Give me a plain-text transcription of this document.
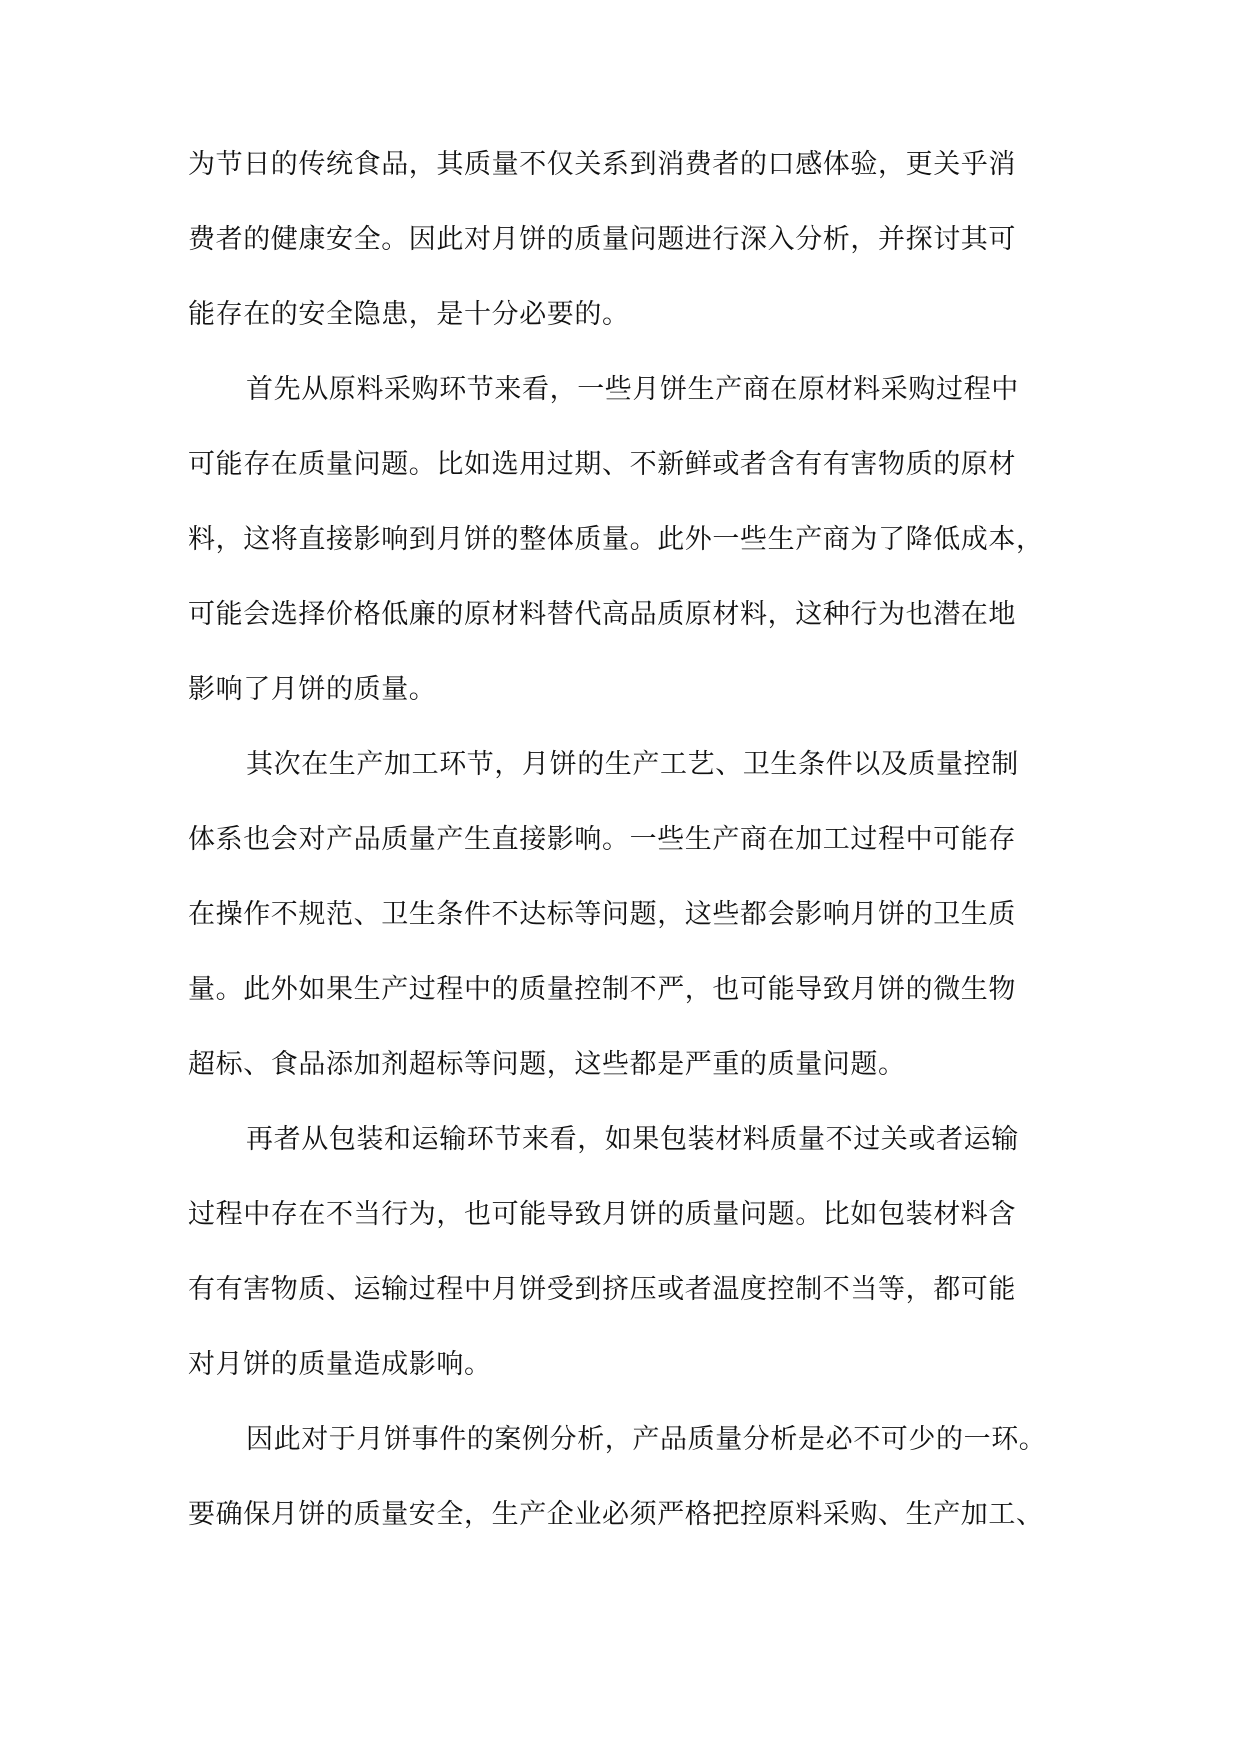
为节日的传统食品，其质量不仅关系到消费者的口感体验，更关乎消
费者的健康安全。因此对月饼的质量问题进行深入分析，并探讨其可
能存在的安全隐患，是十分必要的。
首先从原料采购环节来看，一些月饼生产商在原材料采购过程中
可能存在质量问题。比如选用过期、不新鲜或者含有有害物质的原材
料，这将直接影响到月饼的整体质量。此外一些生产商为了降低成本，
可能会选择价格低廉的原材料替代高品质原材料，这种行为也潜在地
影响了月饼的质量。
其次在生产加工环节，月饼的生产工艺、卫生条件以及质量控制
体系也会对产品质量产生直接影响。一些生产商在加工过程中可能存
在操作不规范、卫生条件不达标等问题，这些都会影响月饼的卫生质
量。此外如果生产过程中的质量控制不严，也可能导致月饼的微生物
超标、食品添加剂超标等问题，这些都是严重的质量问题。
再者从包装和运输环节来看，如果包装材料质量不过关或者运输
过程中存在不当行为，也可能导致月饼的质量问题。比如包装材料含
有有害物质、运输过程中月饼受到挤压或者温度控制不当等，都可能
对月饼的质量造成影响。
因此对于月饼事件的案例分析，产品质量分析是必不可少的一环。
要确保月饼的质量安全，生产企业必须严格把控原料采购、生产加工、
